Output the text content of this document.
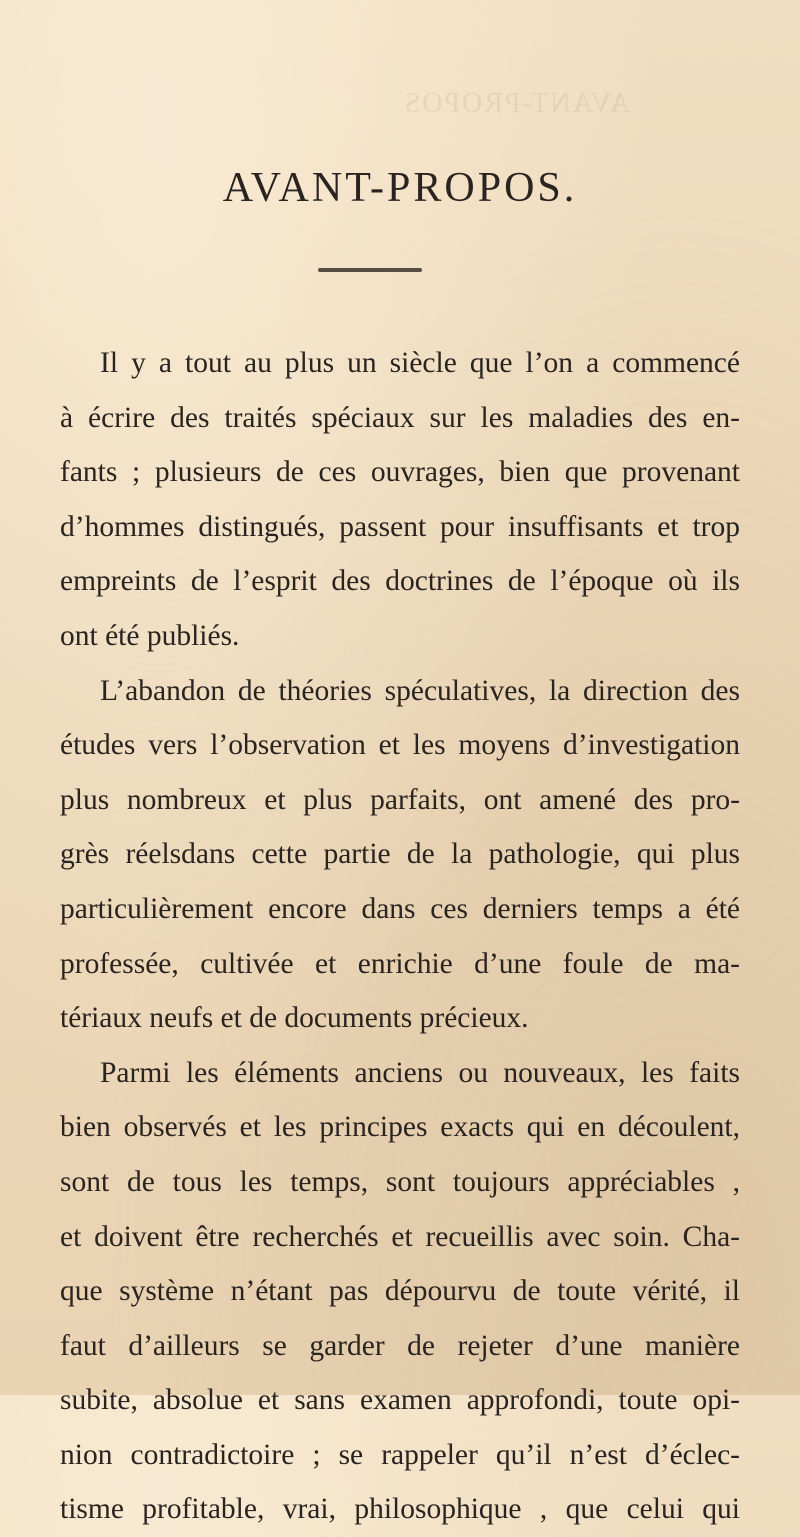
AVANT-PROPOS
AVANT-PROPOS.
Il y a tout au plus un siècle que l’on a commencé
à écrire des traités spéciaux sur les maladies des en-
fants ; plusieurs de ces ouvrages, bien que provenant
d’hommes distingués, passent pour insuffisants et trop
empreints de l’esprit des doctrines de l’époque où ils
ont été publiés.
L’abandon de théories spéculatives, la direction des
études vers l’observation et les moyens d’investigation
plus nombreux et plus parfaits, ont amené des pro-
grès réelsdans cette partie de la pathologie, qui plus
particulièrement encore dans ces derniers temps a été
professée, cultivée et enrichie d’une foule de ma-
tériaux neufs et de documents précieux.
Parmi les éléments anciens ou nouveaux, les faits
bien observés et les principes exacts qui en découlent,
sont de tous les temps, sont toujours appréciables ,
et doivent être recherchés et recueillis avec soin. Cha-
que système n’étant pas dépourvu de toute vérité, il
faut d’ailleurs se garder de rejeter d’une manière
subite, absolue et sans examen approfondi, toute opi-
nion contradictoire ; se rappeler qu’il n’est d’éclec-
tisme profitable, vrai, philosophique , que celui qui
